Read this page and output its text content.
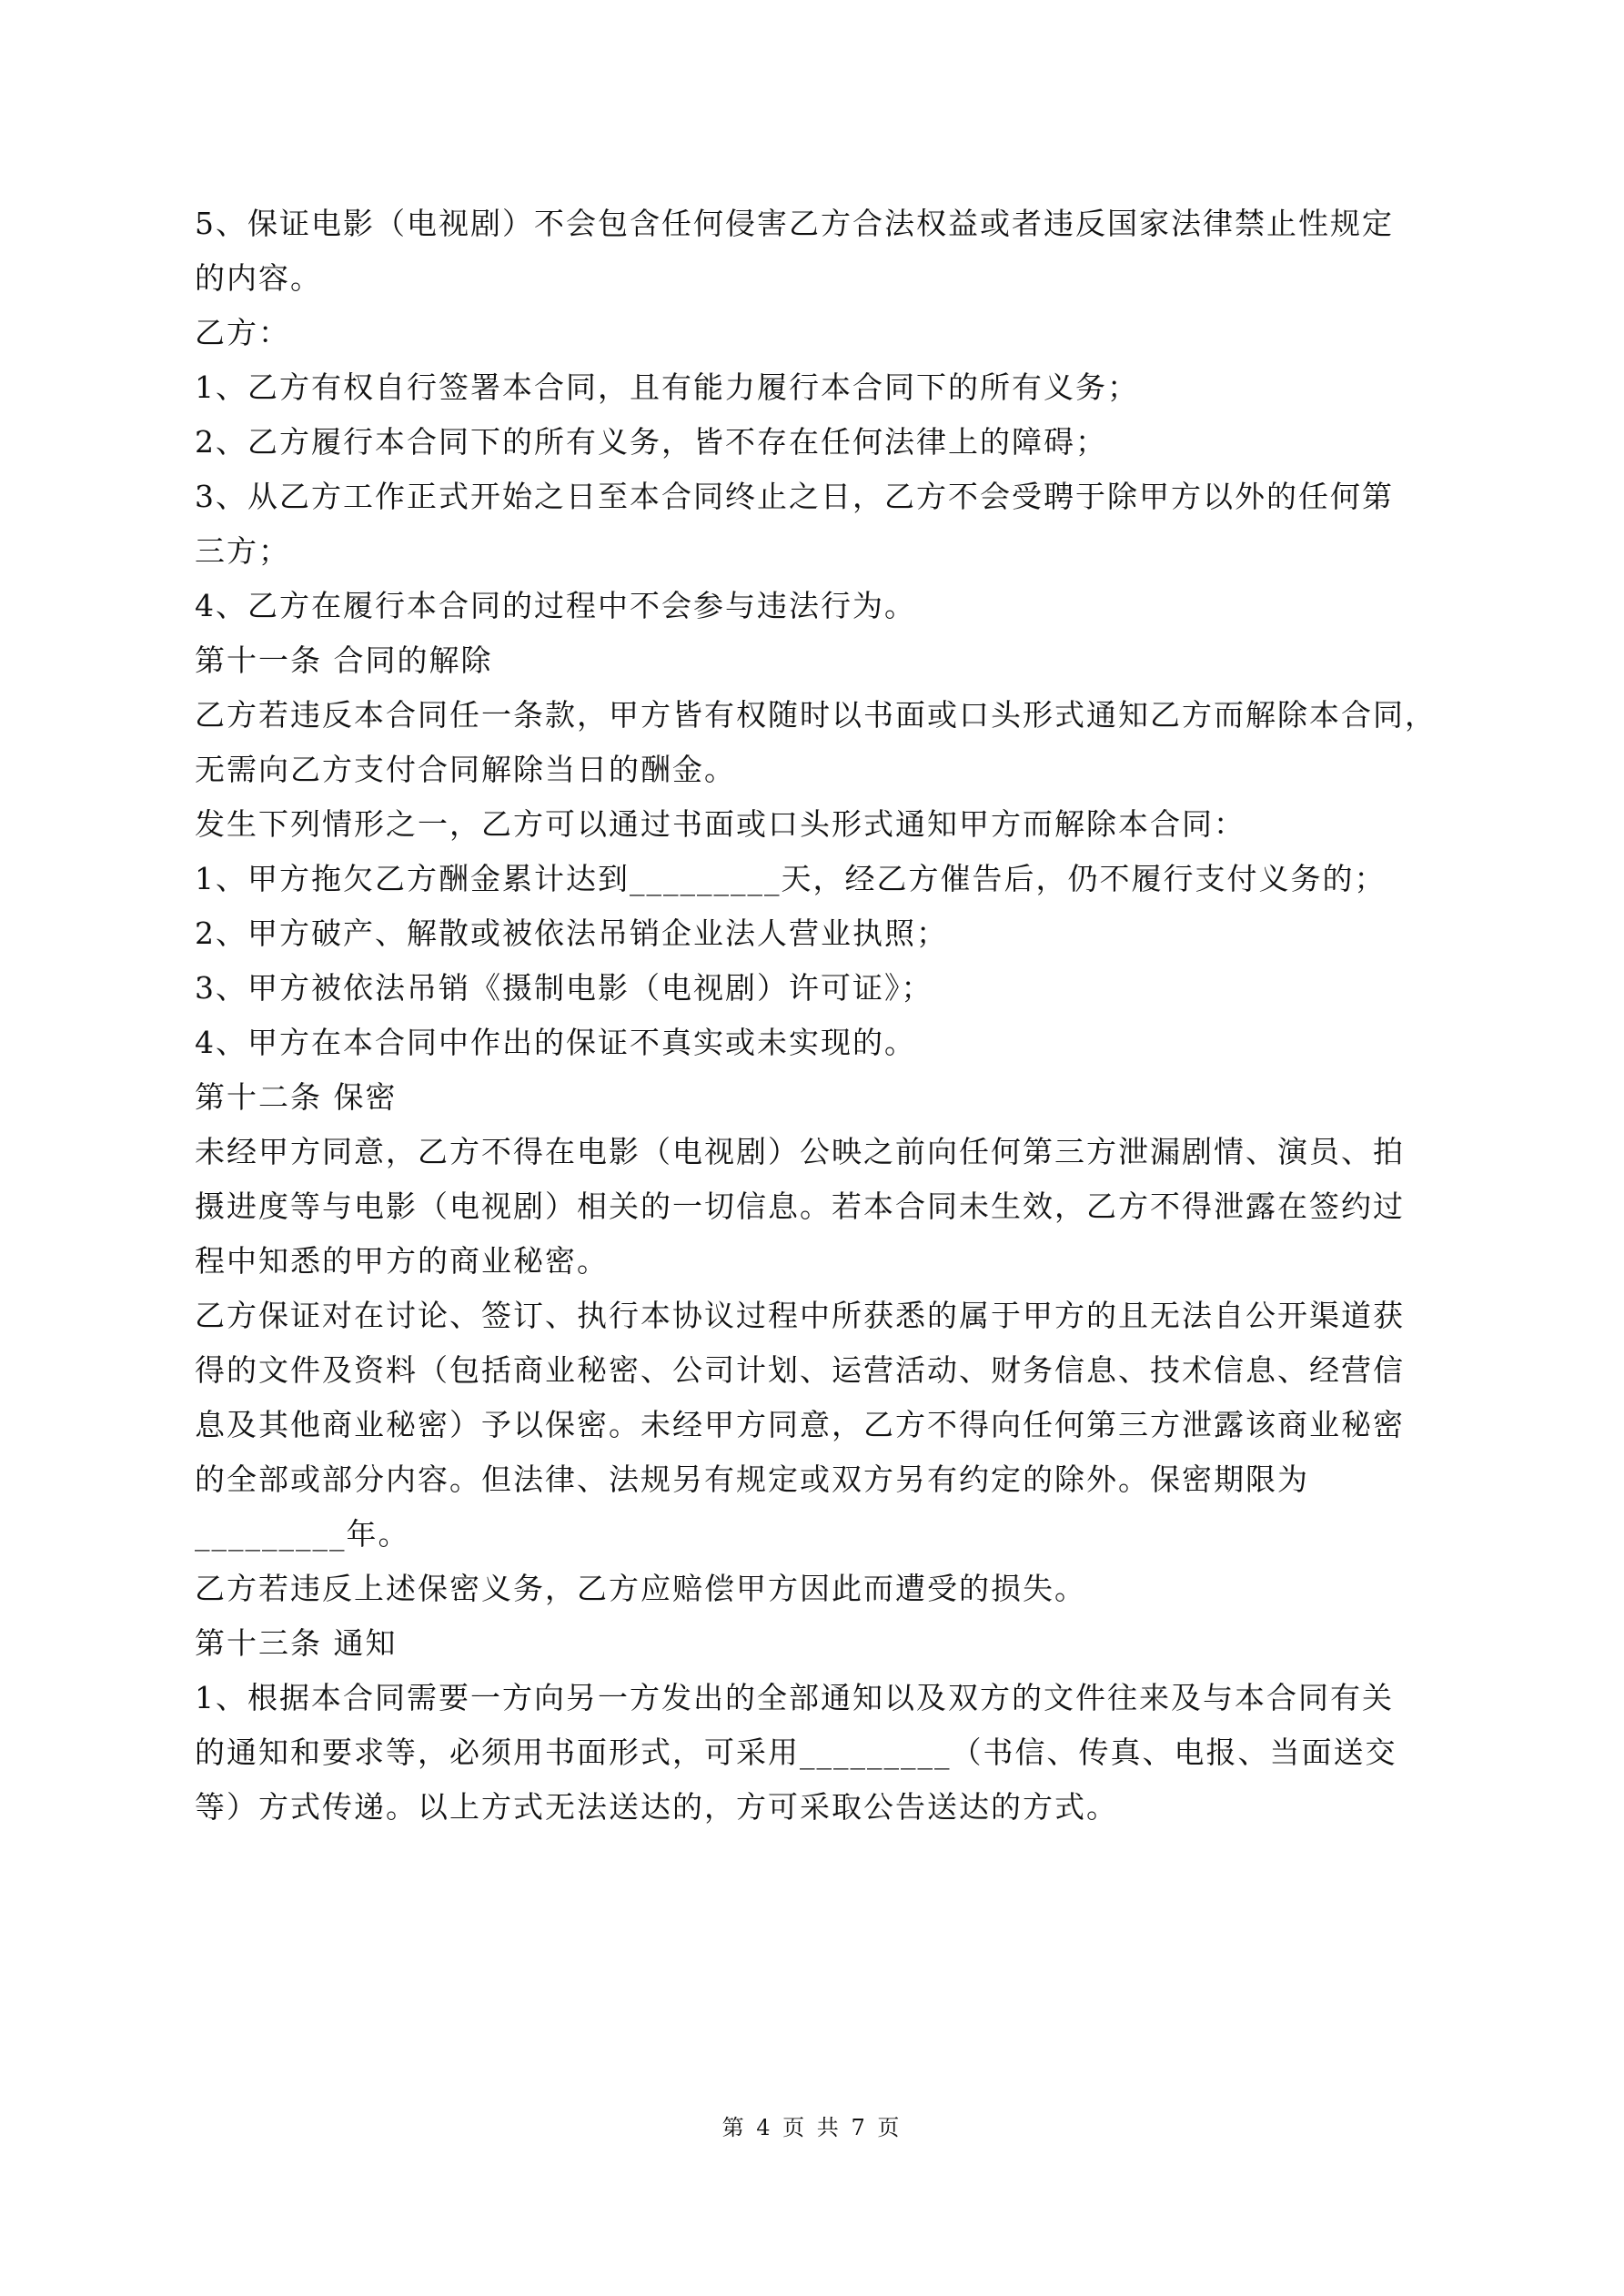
5、保证电影（电视剧）不会包含任何侵害乙方合法权益或者违反国家法律禁止性规定

的内容。

乙方：

1、乙方有权自行签署本合同，且有能力履行本合同下的所有义务；

2、乙方履行本合同下的所有义务，皆不存在任何法律上的障碍；

3、从乙方工作正式开始之日至本合同终止之日，乙方不会受聘于除甲方以外的任何第

三方；

4、乙方在履行本合同的过程中不会参与违法行为。

第十一条 合同的解除

乙方若违反本合同任一条款，甲方皆有权随时以书面或口头形式通知乙方而解除本合同，

无需向乙方支付合同解除当日的酬金。

发生下列情形之一，乙方可以通过书面或口头形式通知甲方而解除本合同：

1、甲方拖欠乙方酬金累计达到_________天，经乙方催告后，仍不履行支付义务的；

2、甲方破产、解散或被依法吊销企业法人营业执照；

3、甲方被依法吊销《摄制电影（电视剧）许可证》；

4、甲方在本合同中作出的保证不真实或未实现的。

第十二条 保密

未经甲方同意，乙方不得在电影（电视剧）公映之前向任何第三方泄漏剧情、演员、拍

摄进度等与电影（电视剧）相关的一切信息。若本合同未生效，乙方不得泄露在签约过

程中知悉的甲方的商业秘密。

乙方保证对在讨论、签订、执行本协议过程中所获悉的属于甲方的且无法自公开渠道获

得的文件及资料（包括商业秘密、公司计划、运营活动、财务信息、技术信息、经营信

息及其他商业秘密）予以保密。未经甲方同意，乙方不得向任何第三方泄露该商业秘密

的全部或部分内容。但法律、法规另有规定或双方另有约定的除外。保密期限为

_________年。

乙方若违反上述保密义务，乙方应赔偿甲方因此而遭受的损失。

第十三条 通知

1、根据本合同需要一方向另一方发出的全部通知以及双方的文件往来及与本合同有关

的通知和要求等，必须用书面形式，可采用_________（书信、传真、电报、当面送交

等）方式传递。以上方式无法送达的，方可采取公告送达的方式。

第 4 页 共 7 页
